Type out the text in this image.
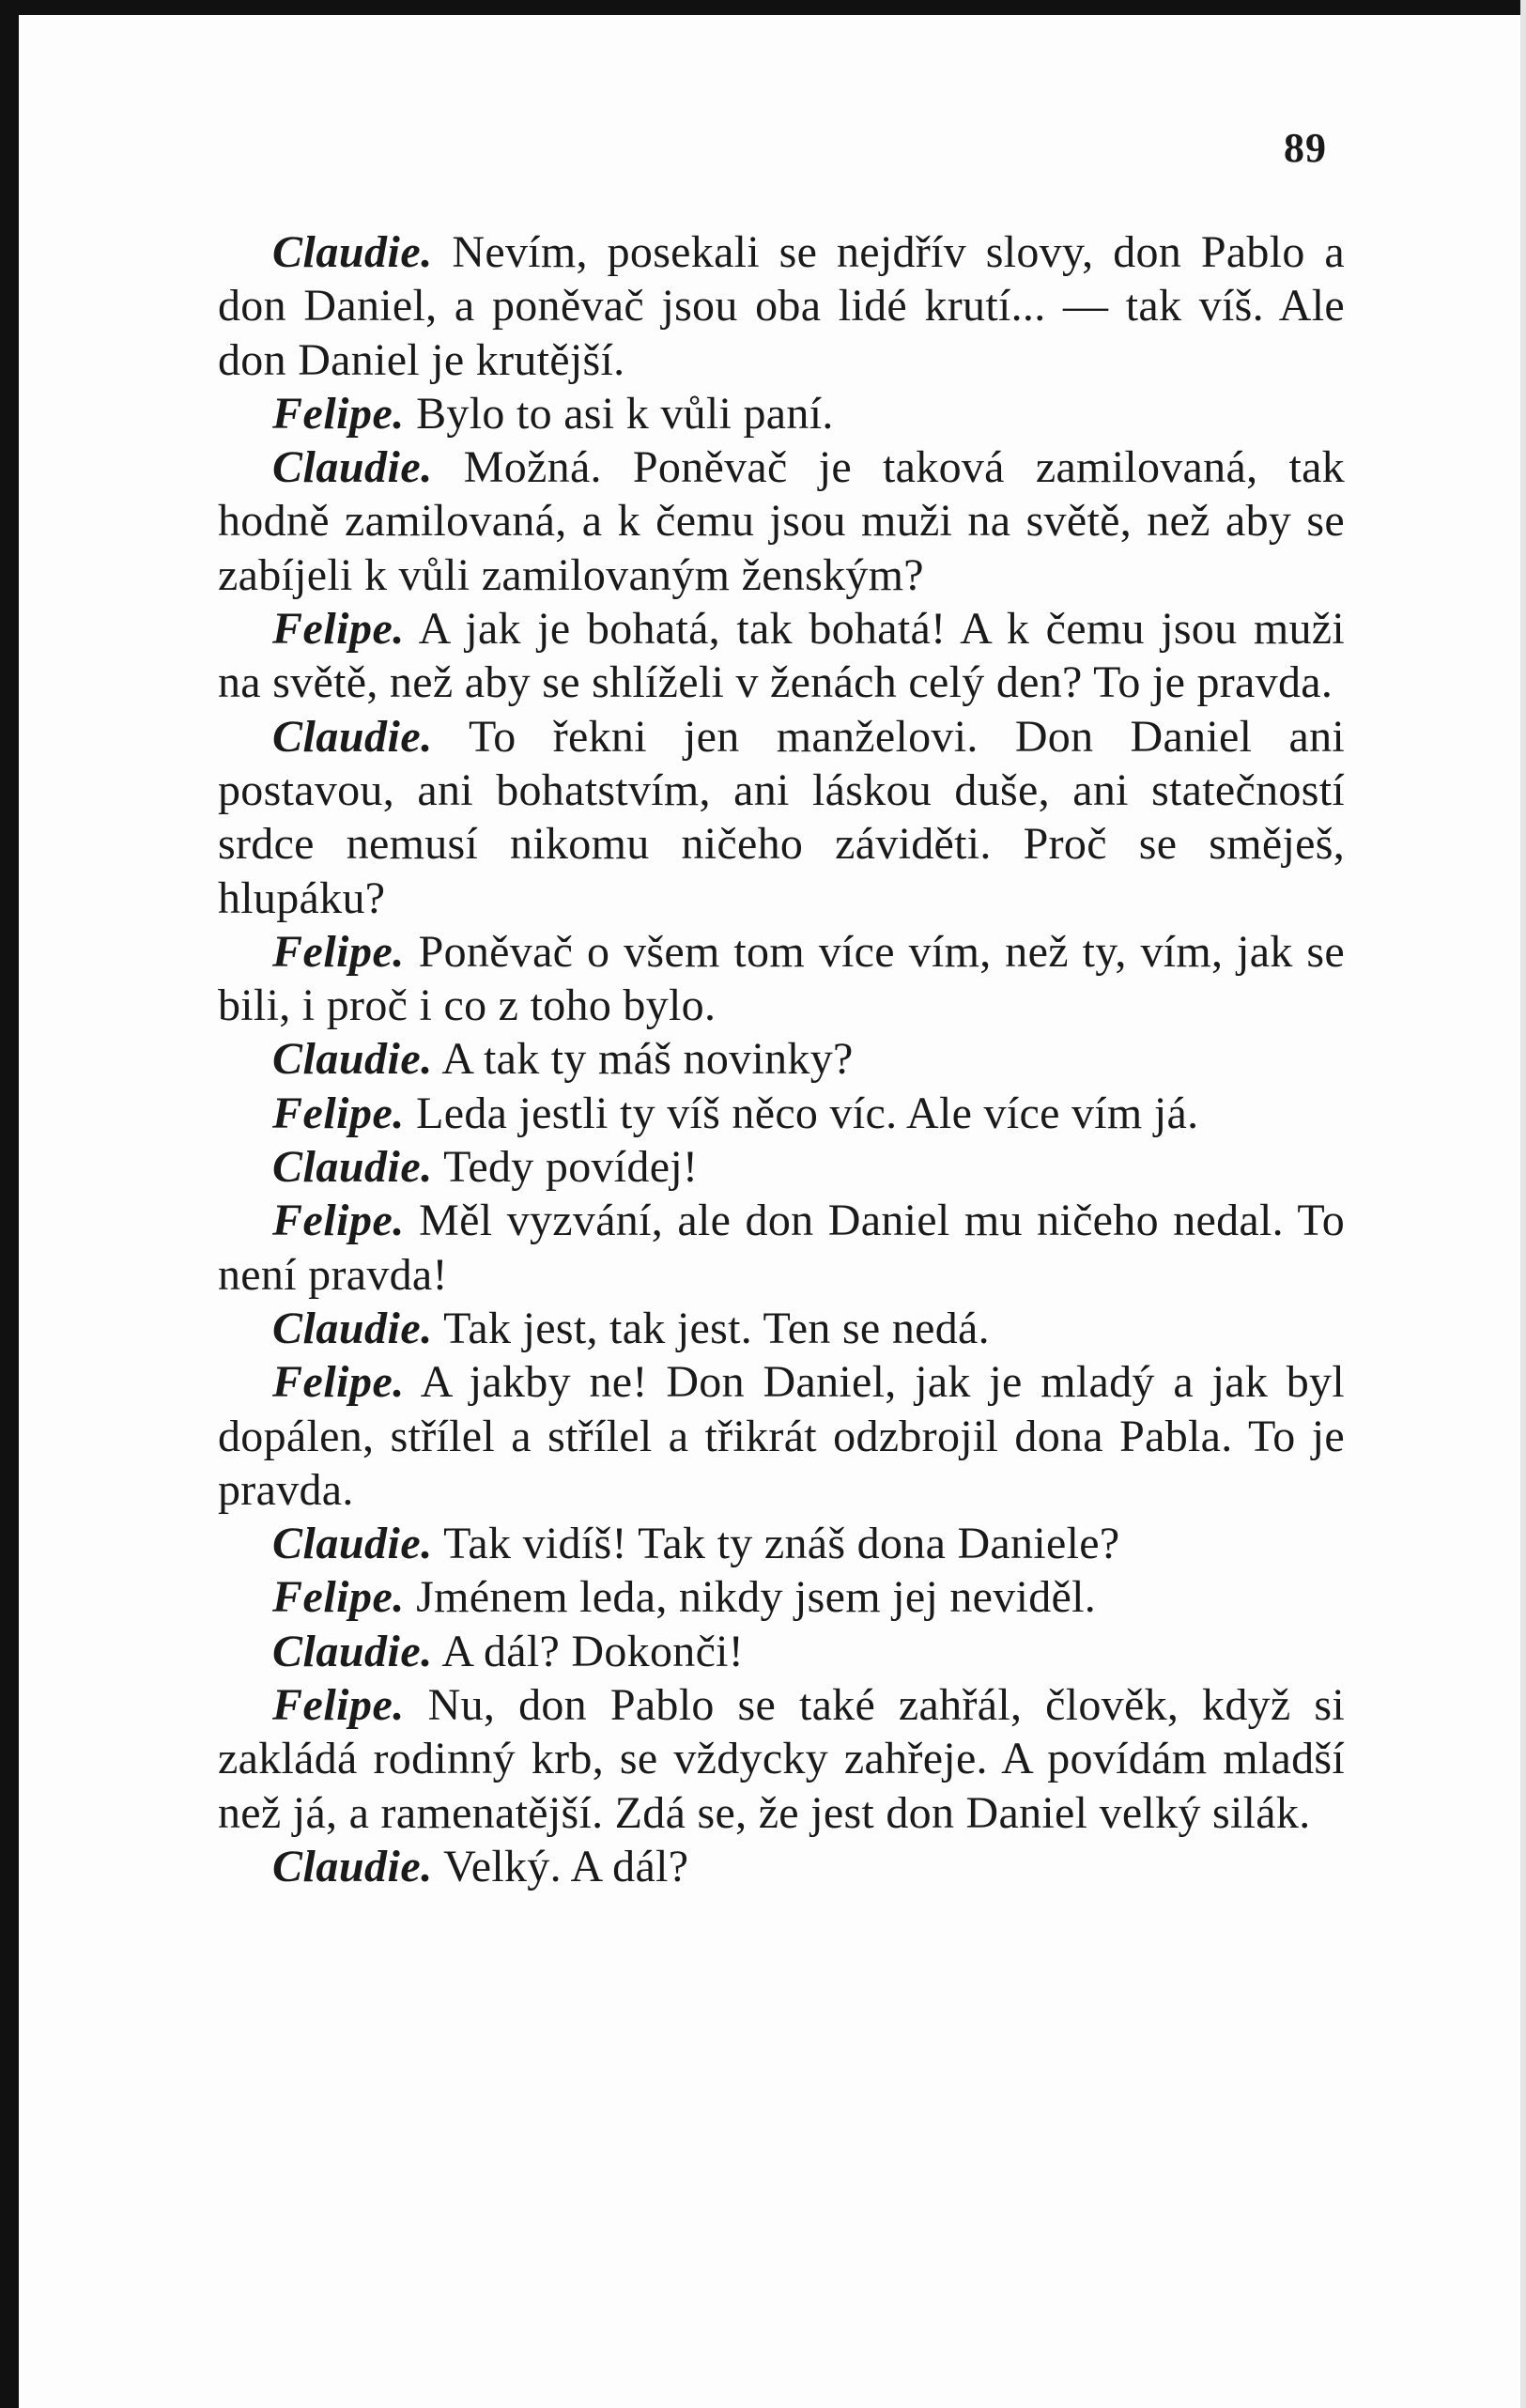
89

Claudie. Nevím, posekali se nejdřív slovy, don Pablo a don Daniel, a poněvač jsou oba lidé krutí... — tak víš. Ale don Daniel je krutější.

Felipe. Bylo to asi k vůli paní.

Claudie. Možná. Poněvač je taková zamilovaná, tak hodně zamilovaná, a k čemu jsou muži na světě, než aby se zabíjeli k vůli zamilovaným ženským?

Felipe. A jak je bohatá, tak bohatá! A k čemu jsou muži na světě, než aby se shlíželi v ženách celý den? To je pravda.

Claudie. To řekni jen manželovi. Don Daniel ani postavou, ani bohatstvím, ani láskou duše, ani statečností srdce nemusí nikomu ničeho záviděti. Proč se směješ, hlupáku?

Felipe. Poněvač o všem tom více vím, než ty, vím, jak se bili, i proč i co z toho bylo.

Claudie. A tak ty máš novinky?

Felipe. Leda jestli ty víš něco víc. Ale více vím já.

Claudie. Tedy povídej!

Felipe. Měl vyzvání, ale don Daniel mu ničeho nedal. To není pravda!

Claudie. Tak jest, tak jest. Ten se nedá.

Felipe. A jakby ne! Don Daniel, jak je mladý a jak byl dopálen, střílel a střílel a třikrát odzbrojil dona Pabla. To je pravda.

Claudie. Tak vidíš! Tak ty znáš dona Daniele?

Felipe. Jménem leda, nikdy jsem jej neviděl.

Claudie. A dál? Dokonči!

Felipe. Nu, don Pablo se také zahřál, člověk, když si zakládá rodinný krb, se vždycky zahřeje. A povídám mladší než já, a ramenatější. Zdá se, že jest don Daniel velký silák.

Claudie. Velký. A dál?
